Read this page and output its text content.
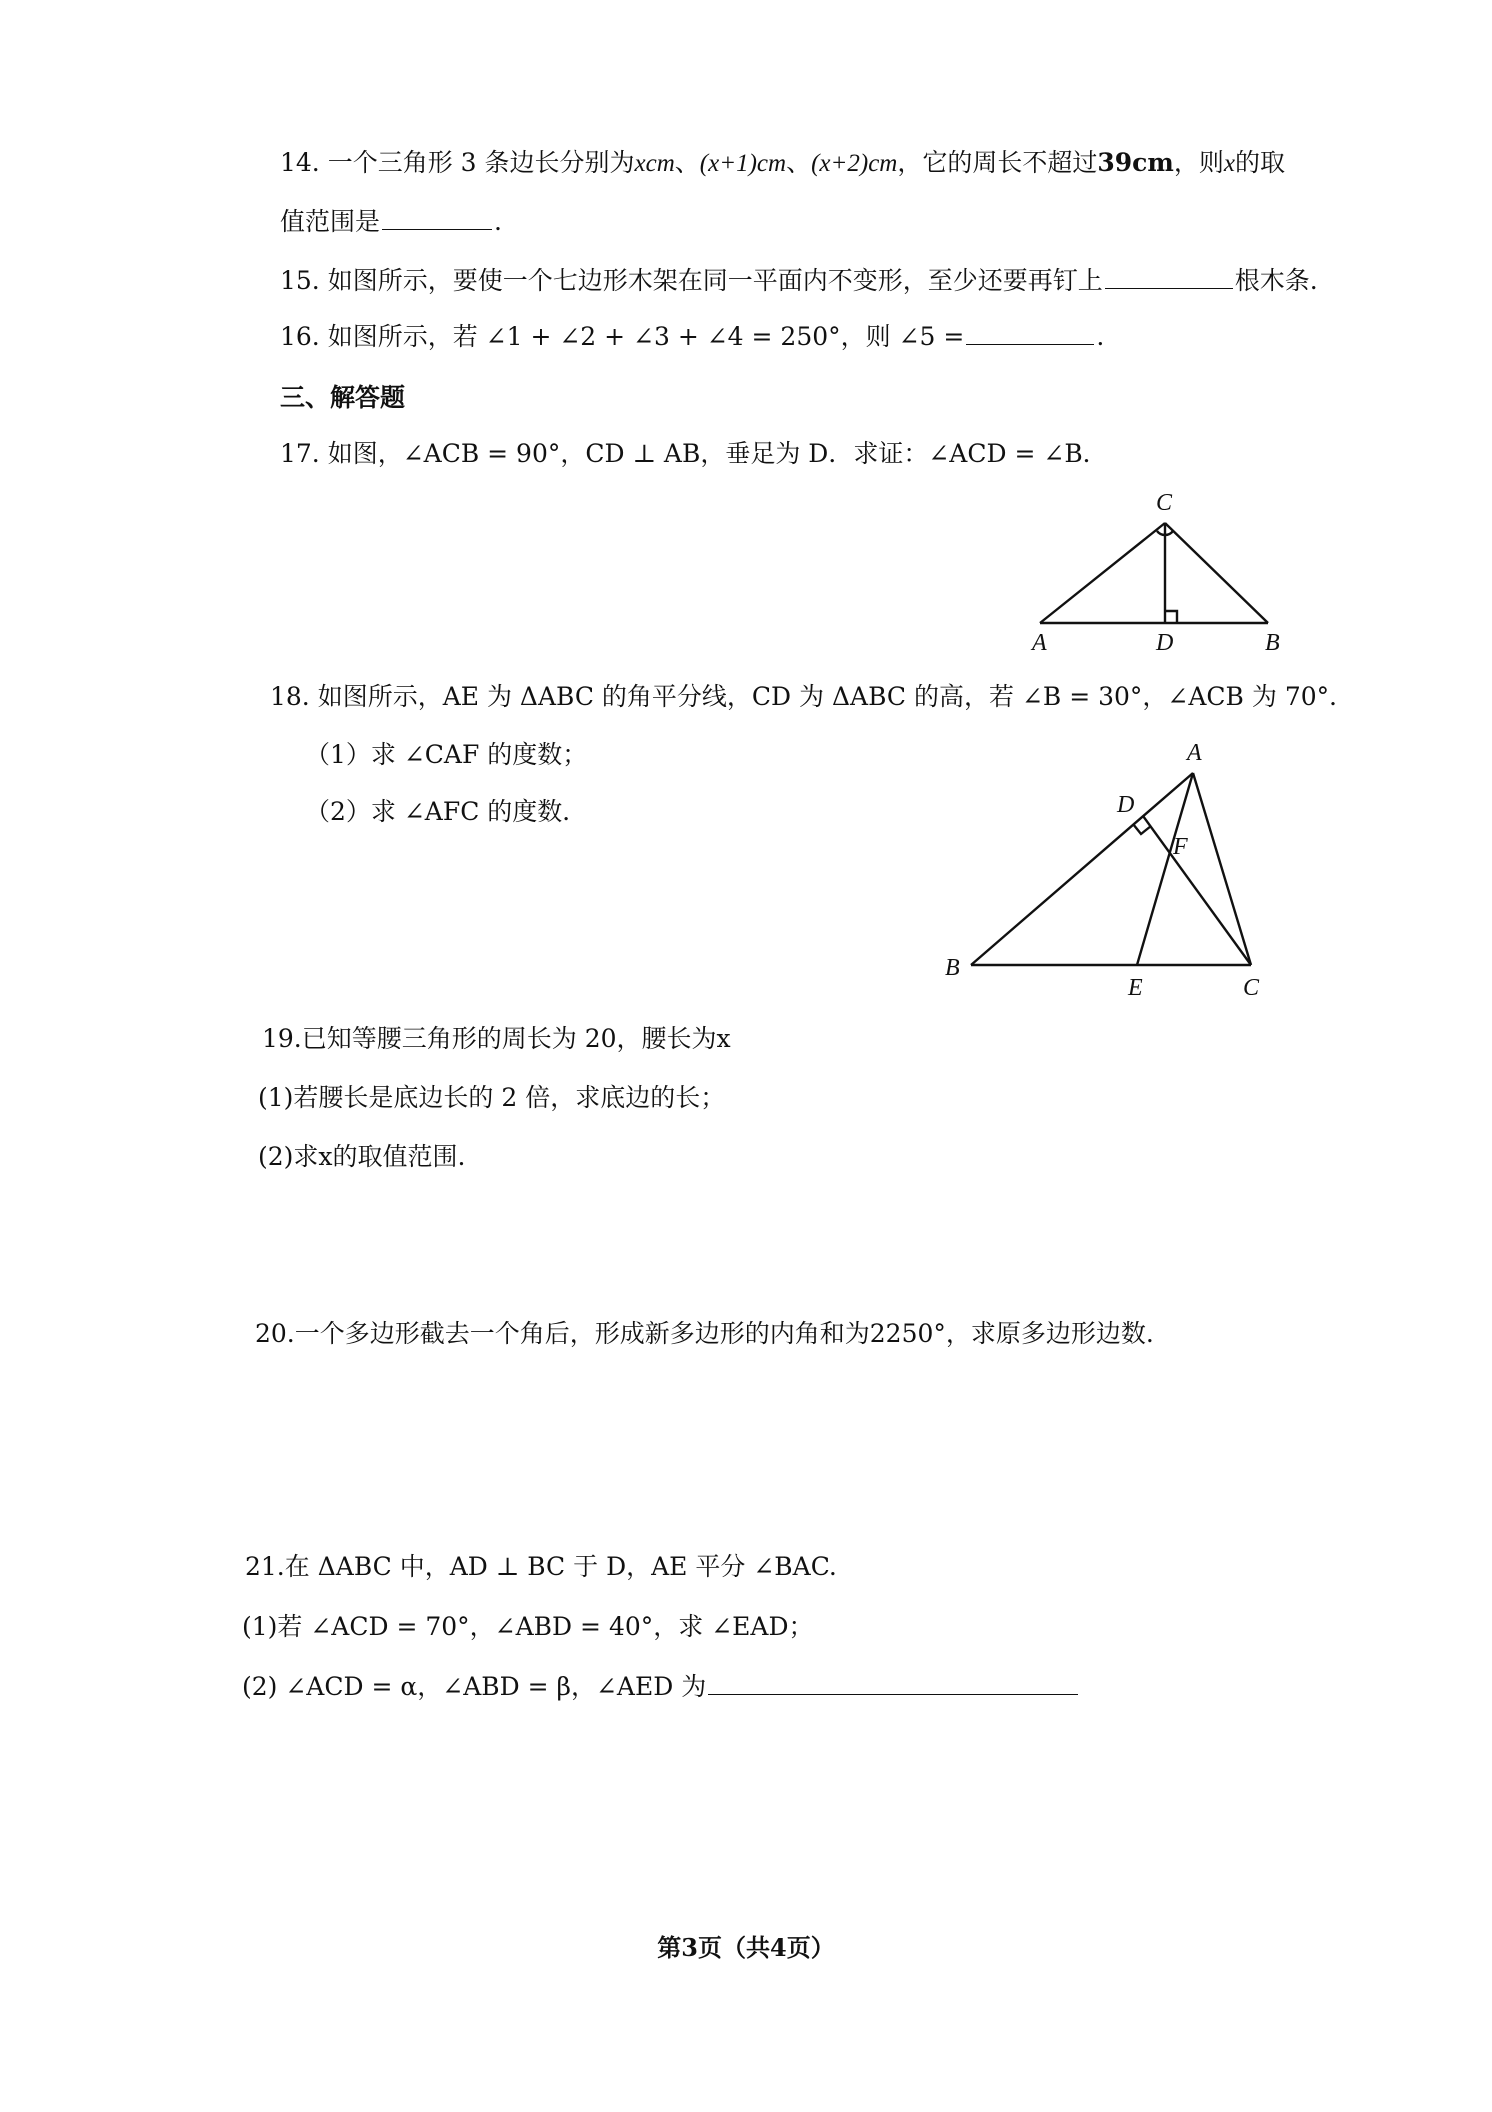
14. 一个三角形 3 条边长分别为xcm、(x+1)cm、(x+2)cm，它的周长不超过39cm，则x的取
值范围是	.
15. 如图所示，要使一个七边形木架在同一平面内不变形，至少还要再钉上	根木条.
16. 如图所示，若 ∠1 + ∠2 + ∠3 + ∠4 = 250°，则 ∠5 =	.
三、解答题
17. 如图，∠ACB = 90°，CD ⊥ AB，垂足为 D．求证：∠ACD = ∠B．
C
A	D	B
18. 如图所示，AE 为 ΔABC 的角平分线，CD 为 ΔABC 的高，若 ∠B = 30°，∠ACB 为 70°．
（1）求 ∠CAF 的度数；
（2）求 ∠AFC 的度数．
A
D
F
B
E	C
19.已知等腰三角形的周长为 20，腰长为x
(1)若腰长是底边长的 2 倍，求底边的长；
(2)求x的取值范围.
20.一个多边形截去一个角后，形成新多边形的内角和为2250°，求原多边形边数.
21.在 ΔABC 中，AD ⊥ BC 于 D，AE 平分 ∠BAC.
(1)若 ∠ACD = 70°，∠ABD = 40°，求 ∠EAD；
(2) ∠ACD = α，∠ABD = β，∠AED 为
第3页（共4页）
